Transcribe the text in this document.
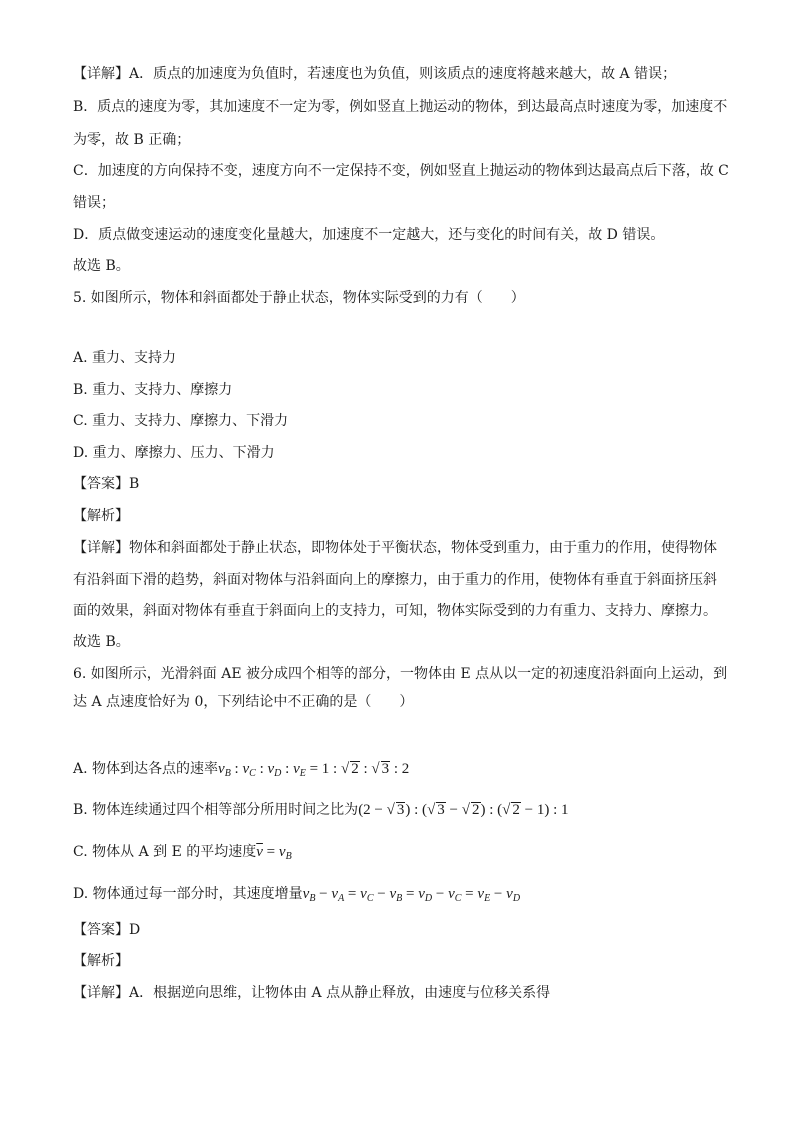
【详解】A．质点的加速度为负值时，若速度也为负值，则该质点的速度将越来越大，故 A 错误；
B．质点的速度为零，其加速度不一定为零，例如竖直上抛运动的物体，到达最高点时速度为零，加速度不
为零，故 B 正确；
C．加速度的方向保持不变，速度方向不一定保持不变，例如竖直上抛运动的物体到达最高点后下落，故 C
错误；
D．质点做变速运动的速度变化量越大，加速度不一定越大，还与变化的时间有关，故 D 错误。
故选 B。
5. 如图所示，物体和斜面都处于静止状态，物体实际受到的力有（　　）
A. 重力、支持力
B. 重力、支持力、摩擦力
C. 重力、支持力、摩擦力、下滑力
D. 重力、摩擦力、压力、下滑力
【答案】B
【解析】
【详解】物体和斜面都处于静止状态，即物体处于平衡状态，物体受到重力，由于重力的作用，使得物体
有沿斜面下滑的趋势，斜面对物体与沿斜面向上的摩擦力，由于重力的作用，使物体有垂直于斜面挤压斜
面的效果，斜面对物体有垂直于斜面向上的支持力，可知，物体实际受到的力有重力、支持力、摩擦力。
故选 B。
6. 如图所示，光滑斜面 AE 被分成四个相等的部分，一物体由 E 点从以一定的初速度沿斜面向上运动，到
达 A 点速度恰好为 0，下列结论中不正确的是（　　）
A. 物体到达各点的速率$v_B$ : $v_C$ : $v_D$ : $v_E = 1$ : √ 2 : √ 3 : 2
B. 物体连续通过四个相等部分所用时间之比为(2 − √ 3) : (√ 3 − √ 2) : (√ 2 − 1) : 1
C. 物体从 A 到 E 的平均速度$\overline{v} = v_B$
D. 物体通过每一部分时，其速度增量$v_B - v_A = v_C - v_B = v_D - v_C = v_E - v_D$
【答案】D
【解析】
【详解】A．根据逆向思维，让物体由 A 点从静止释放，由速度与位移关系得
